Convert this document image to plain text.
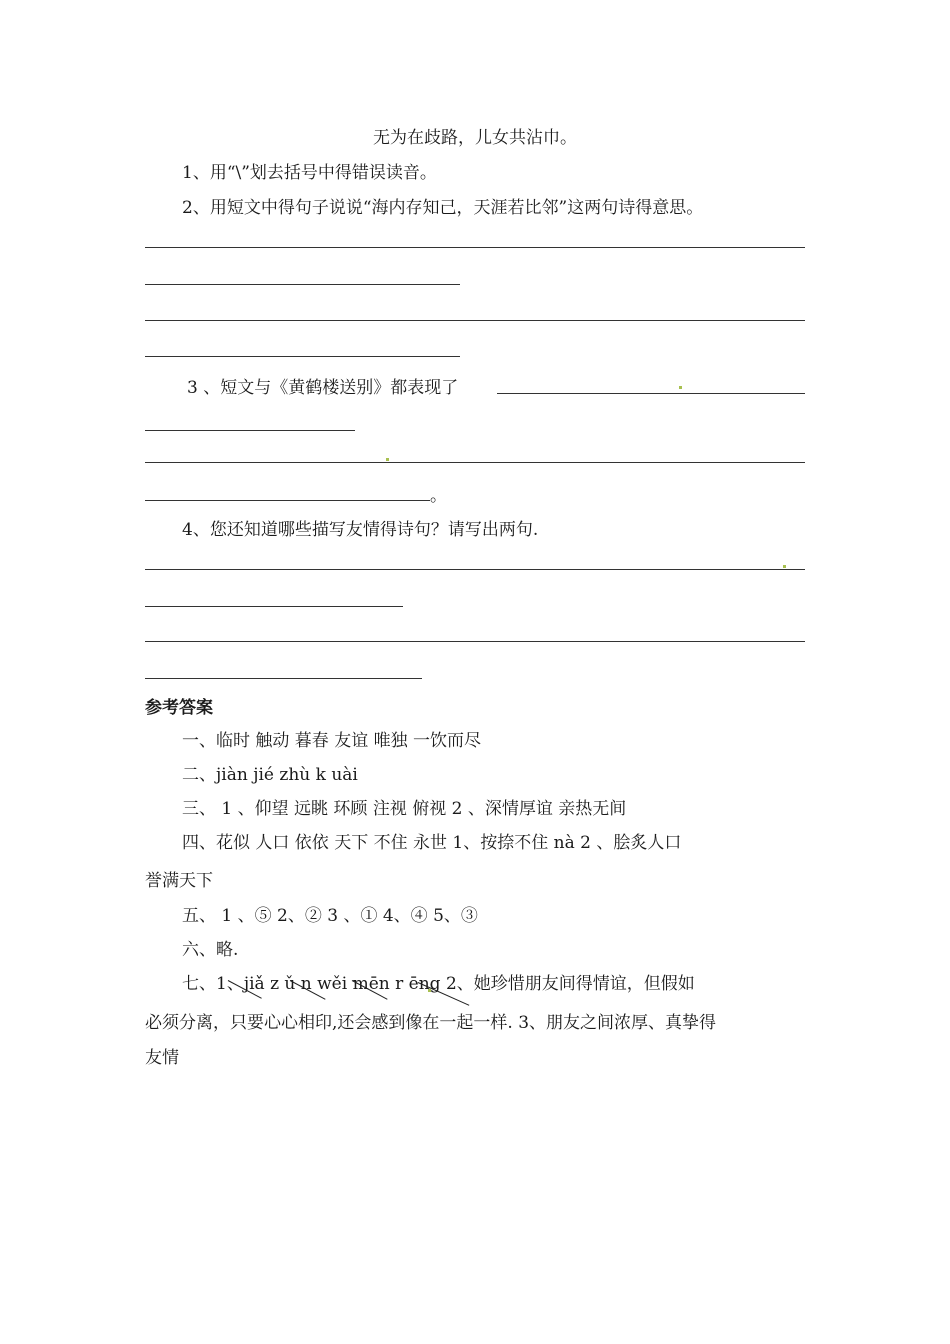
无为在歧路，儿女共沾巾。
1、用“\”划去括号中得错误读音。
2、用短文中得句子说说“海内存知己，天涯若比邻”这两句诗得意思。
3 、短文与《黄鹤楼送别》都表现了
。
4、您还知道哪些描写友情得诗句？请写出两句.
参考答案
一、临时 触动 暮春 友谊 唯独 一饮而尽
二、jiàn jié zhù k uài
三、 1 、仰望 远眺 环顾 注视 俯视 2 、深情厚谊 亲热无间
四、花似 人口 依依 天下 不住 永世 1、按捺不住 nà 2 、脍炙人口
誉满天下
五、 1 、⑤ 2、② 3 、① 4、④ 5、③
六、略.
七、1、jiǎ z ǔ n wěi mēn r ēng 2、她珍惜朋友间得情谊，但假如
必须分离，只要心心相印,还会感到像在一起一样. 3、朋友之间浓厚、真挚得
友情
